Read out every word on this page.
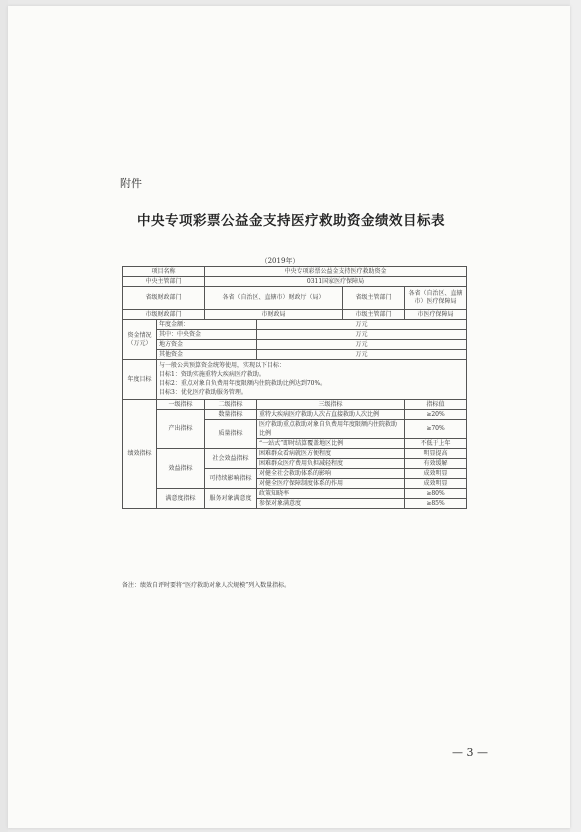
附件
中央专项彩票公益金支持医疗救助资金绩效目标表
（2019年）
项目名称		中央专项彩票公益金支持医疗救助资金			
中央主管部门		0311国家医疗保障局			
省级财政部门		各省（自治区、直辖市）财政厅（局）		省级主管部门	各省（自治区、直辖市）医疗保障局
市级财政部门		市财政局		市级主管部门	市医疗保障局
资金情况（万元）	年度金额：		万元		
	其中：中央资金		万元		
	地方资金		万元		
	其他资金		万元		
年度目标	与一般公共预算资金统筹使用，实现以下目标：
目标1：资助实施重特大疾病医疗救助。
目标2：重点对象自负费用年度限额内住院救助比例达到70%。
目标3：优化医疗救助服务管理。				

绩效指标	一级指标	二级指标	三级指标		指标值
	产出指标	数量指标	重特大疾病医疗救助人次占直接救助人次比例		≥20%
		质量指标	医疗救助重点救助对象自负费用年度限额内住院救助比例		≥70%

			“一站式”即时结算覆盖地区比例		不低于上年
	效益指标	社会效益指标	困难群众看病就医方便程度		明显提高
			困难群众医疗费用负担减轻程度		有效缓解
		可持续影响指标	对健全社会救助体系的影响		成效明显
			对健全医疗保障制度体系的作用		成效明显
	满意度指标	服务对象满意度	政策知晓率		≥80%

			参保对象满意度		≥85%

备注：绩效自评时要将“医疗救助对象人次规模”列入数量指标。
— 3 —
